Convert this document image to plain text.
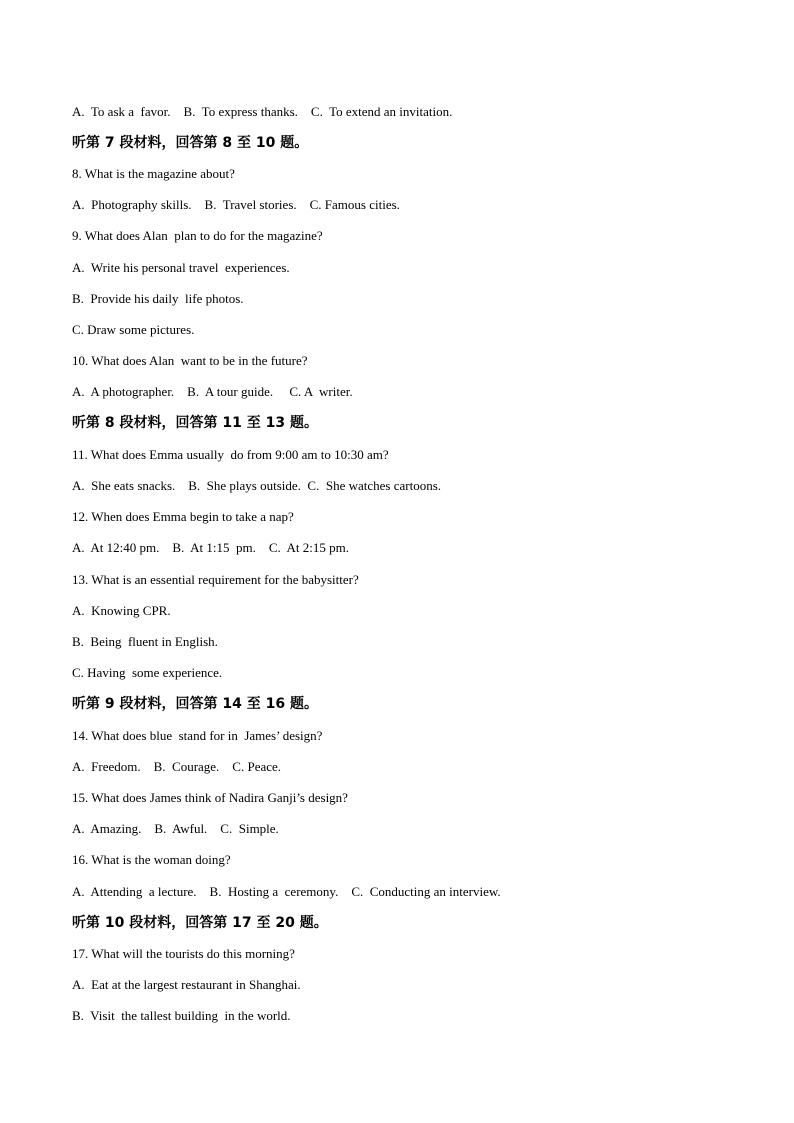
A.  To ask a  favor.    B.  To express thanks.    C.  To extend an invitation.
听第 7 段材料，回答第 8 至 10 题。
8. What is the magazine about?
A.  Photography skills.    B.  Travel stories.    C. Famous cities.
9. What does Alan  plan to do for the magazine?
A.  Write his personal travel  experiences.
B.  Provide his daily  life photos.
C. Draw some pictures.
10. What does Alan  want to be in the future?
A.  A photographer.    B.  A tour guide.     C. A  writer.
听第 8 段材料，回答第 11 至 13 题。
11. What does Emma usually  do from 9:00 am to 10:30 am?
A.  She eats snacks.    B.  She plays outside.  C.  She watches cartoons.
12. When does Emma begin to take a nap?
A.  At 12:40 pm.    B.  At 1:15  pm.    C.  At 2:15 pm.
13. What is an essential requirement for the babysitter?
A.  Knowing CPR.
B.  Being  fluent in English.
C. Having  some experience.
听第 9 段材料，回答第 14 至 16 题。
14. What does blue  stand for in  James’ design?
A.  Freedom.    B.  Courage.    C. Peace.
15. What does James think of Nadira Ganji’s design?
A.  Amazing.    B.  Awful.    C.  Simple.
16. What is the woman doing?
A.  Attending  a lecture.    B.  Hosting a  ceremony.    C.  Conducting an interview.
听第 10 段材料，回答第 17 至 20 题。
17. What will the tourists do this morning?
A.  Eat at the largest restaurant in Shanghai.
B.  Visit  the tallest building  in the world.
